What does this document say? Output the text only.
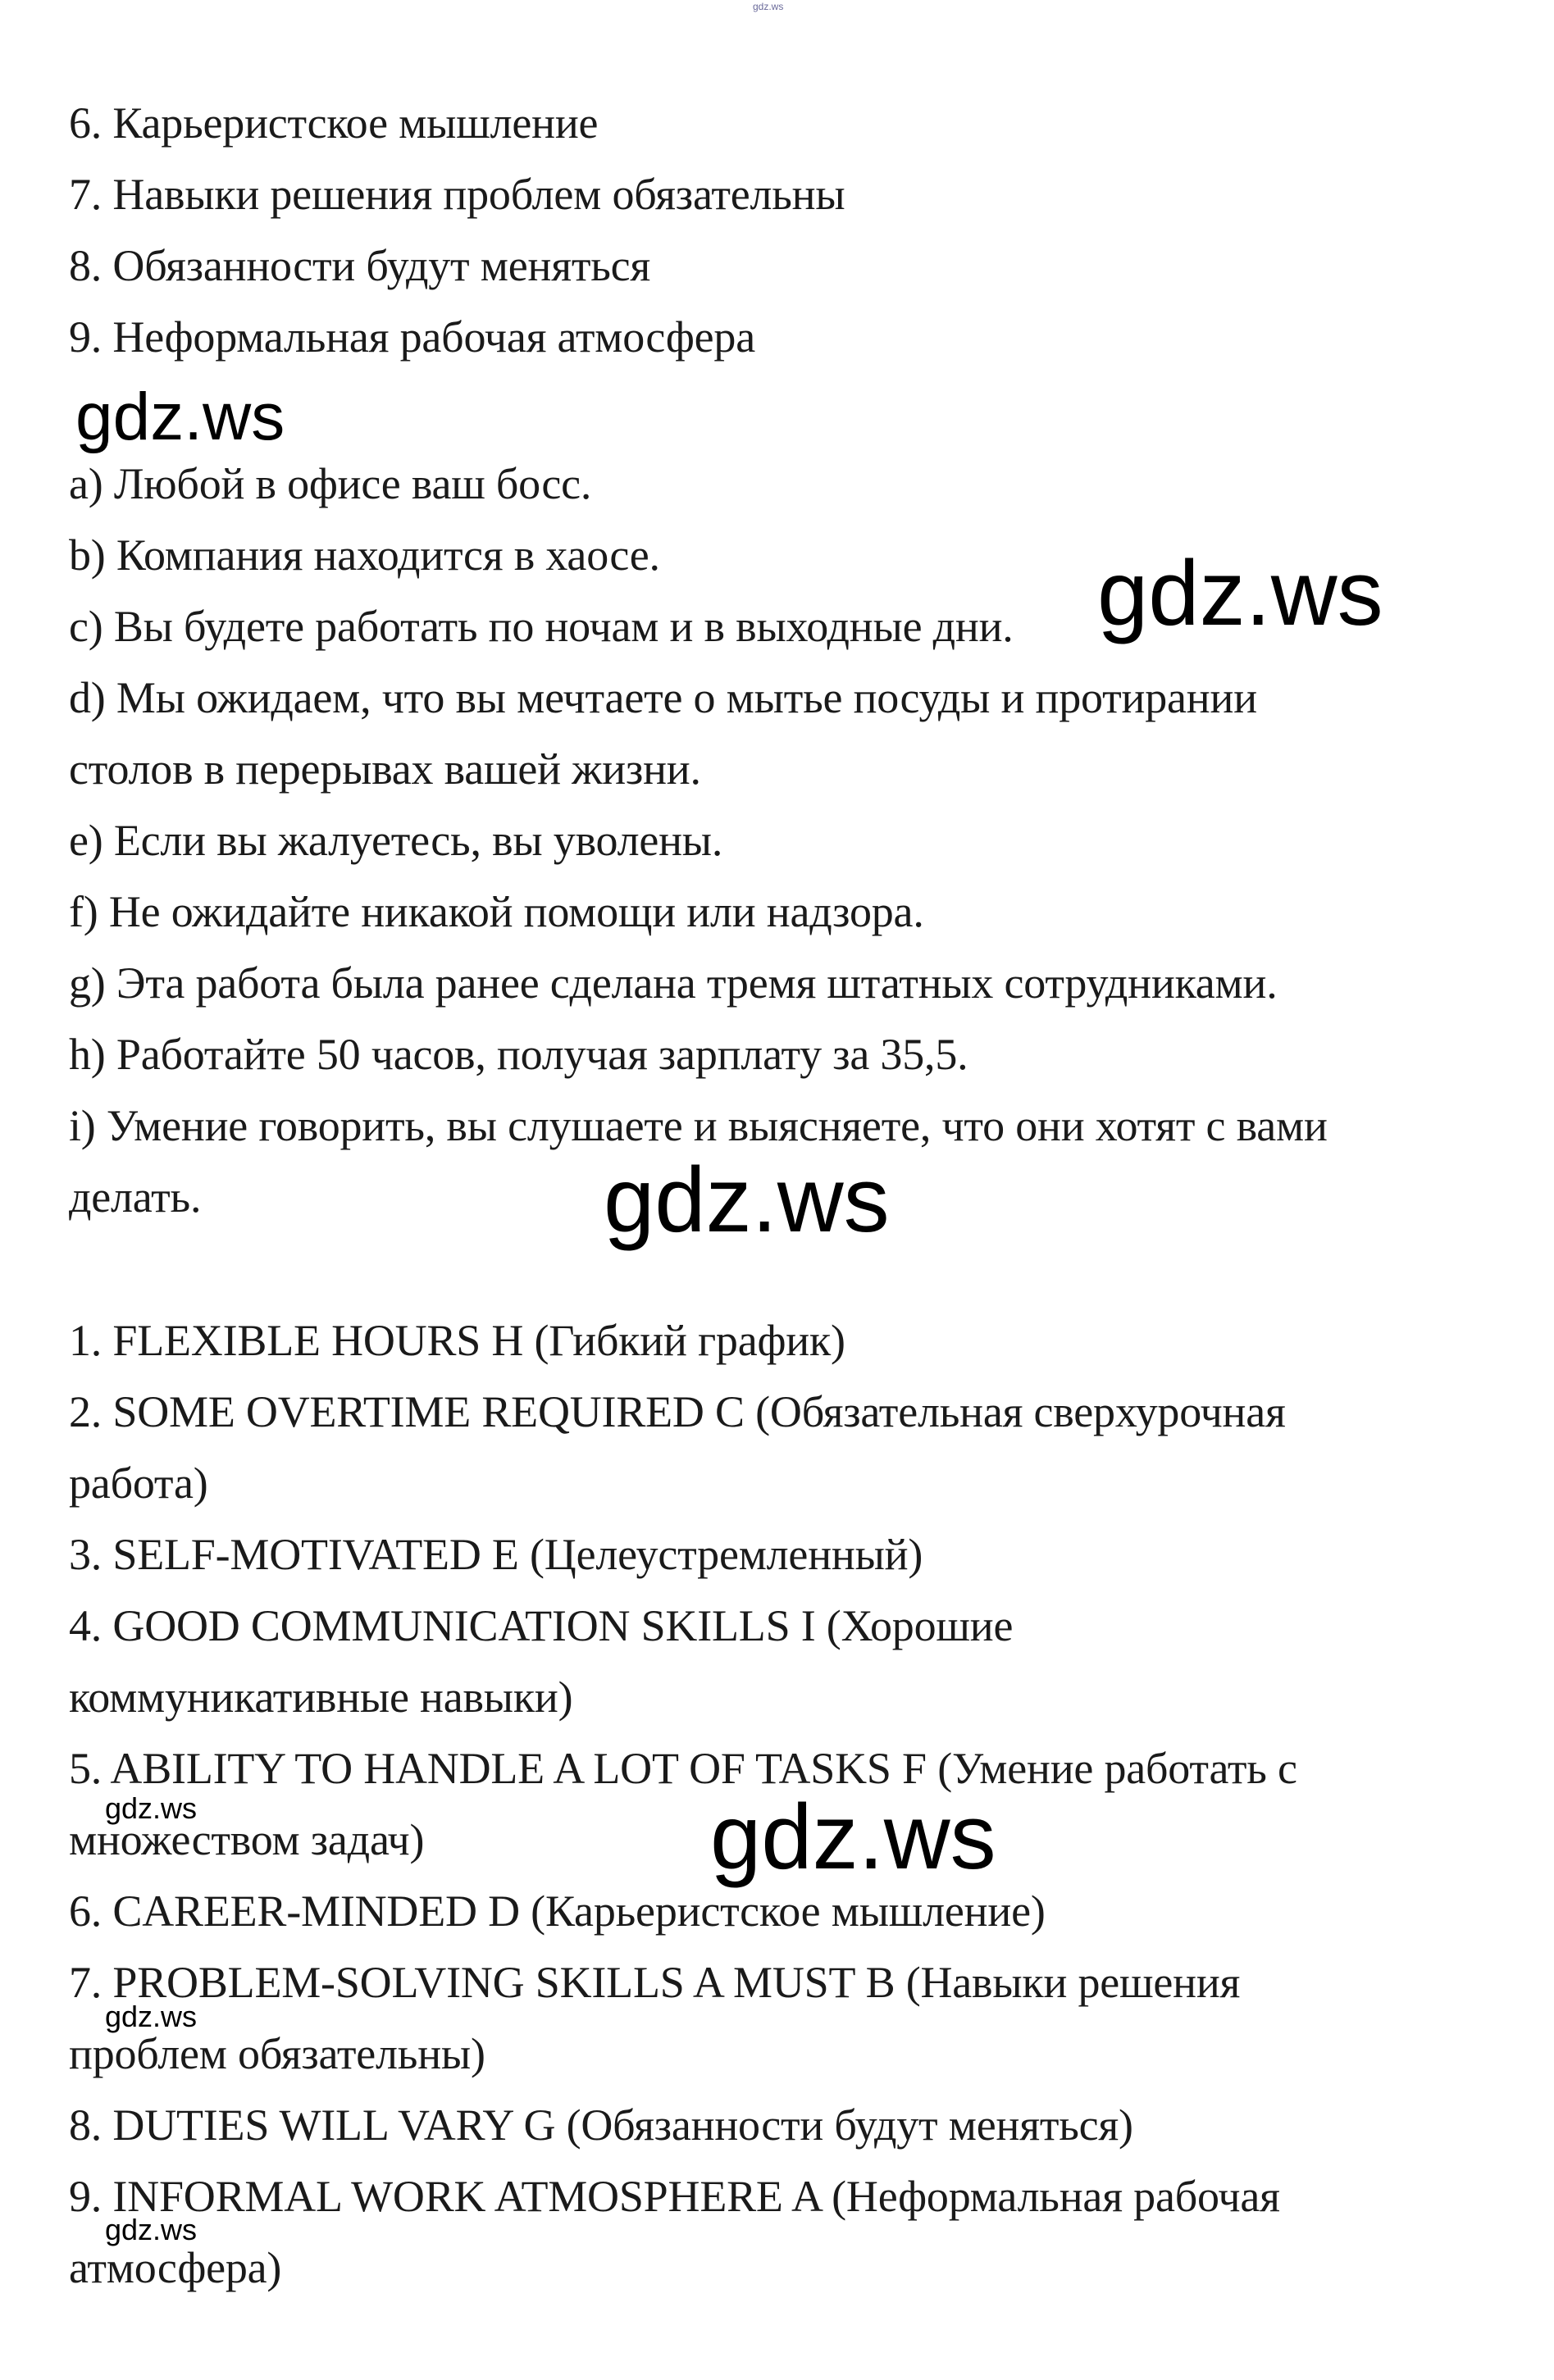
gdz.ws
6. Карьеристское мышление
7. Навыки решения проблем обязательны
8. Обязанности будут меняться
9. Неформальная рабочая атмосфера
gdz.ws
a) Любой в офисе ваш босс.
b) Компания находится в хаосе.
c) Вы будете работать по ночам и в выходные дни.
d) Мы ожидаем, что вы мечтаете о мытье посуды и протирании
столов в перерывах вашей жизни.
e) Если вы жалуетесь, вы уволены.
f) Не ожидайте никакой помощи или надзора.
g) Эта работа была ранее сделана тремя штатных сотрудниками.
h) Работайте 50 часов, получая зарплату за 35,5.
i) Умение говорить, вы слушаете и выясняете, что они хотят с вами
делать.
gdz.ws
gdz.ws
1. FLEXIBLE HOURS H (Гибкий график)
2. SOME OVERTIME REQUIRED C (Обязательная сверхурочная
работа)
3. SELF-MOTIVATED E (Целеустремленный)
4. GOOD COMMUNICATION SKILLS I (Хорошие
коммуникативные навыки)
5. ABILITY TO HANDLE A LOT OF TASKS F (Умение работать с
множеством задач)
6. CAREER-MINDED D (Карьеристское мышление)
7. PROBLEM-SOLVING SKILLS A MUST B (Навыки решения
проблем обязательны)
8. DUTIES WILL VARY G (Обязанности будут меняться)
9. INFORMAL WORK ATMOSPHERE A (Неформальная рабочая
атмосфера)
gdz.ws
gdz.ws
gdz.ws
gdz.ws
